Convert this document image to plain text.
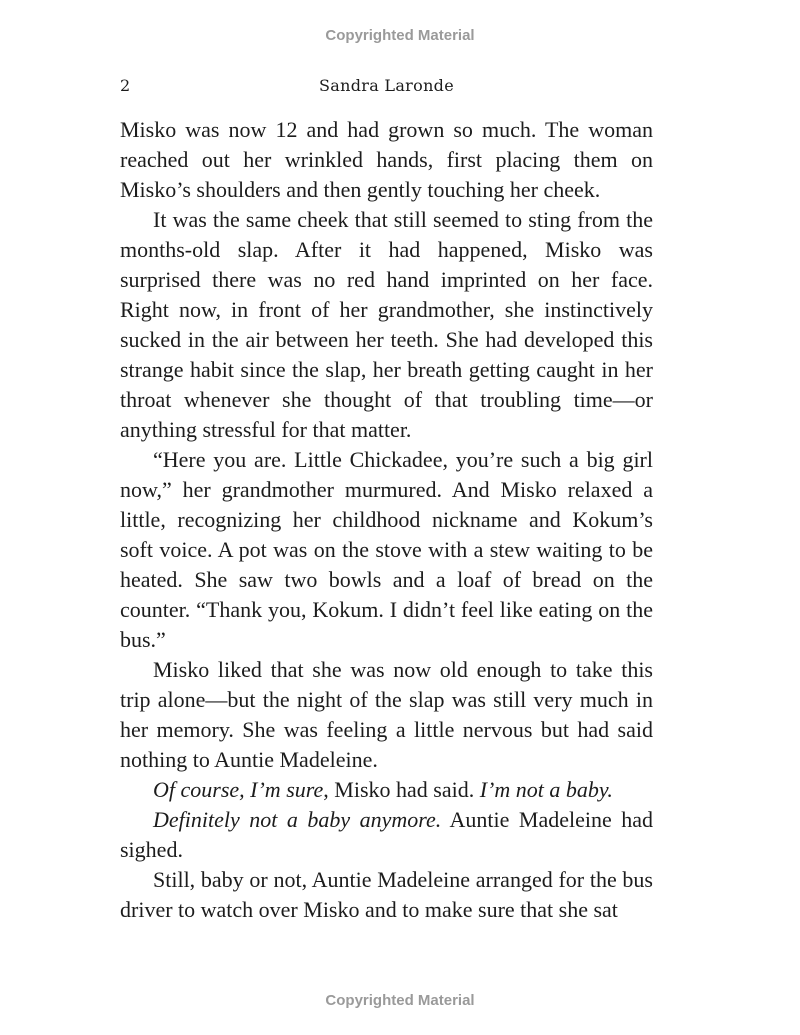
Copyrighted Material
2	Sandra Laronde

Misko was now 12 and had grown so much. The woman reached out her wrinkled hands, first placing them on Misko’s shoulders and then gently touching her cheek.

It was the same cheek that still seemed to sting from the months-old slap. After it had happened, Misko was surprised there was no red hand imprinted on her face. Right now, in front of her grandmother, she instinctively sucked in the air between her teeth. She had developed this strange habit since the slap, her breath getting caught in her throat whenever she thought of that troubling time—or anything stressful for that matter.

“Here you are. Little Chickadee, you’re such a big girl now,” her grandmother murmured. And Misko relaxed a little, recognizing her childhood nickname and Kokum’s soft voice. A pot was on the stove with a stew waiting to be heated. She saw two bowls and a loaf of bread on the counter. “Thank you, Kokum. I didn’t feel like eating on the bus.”

Misko liked that she was now old enough to take this trip alone—but the night of the slap was still very much in her memory. She was feeling a little nervous but had said nothing to Auntie Madeleine.

Of course, I’m sure, Misko had said. I’m not a baby.

Definitely not a baby anymore. Auntie Madeleine had sighed.

Still, baby or not, Auntie Madeleine arranged for the bus driver to watch over Misko and to make sure that she sat

Copyrighted Material
